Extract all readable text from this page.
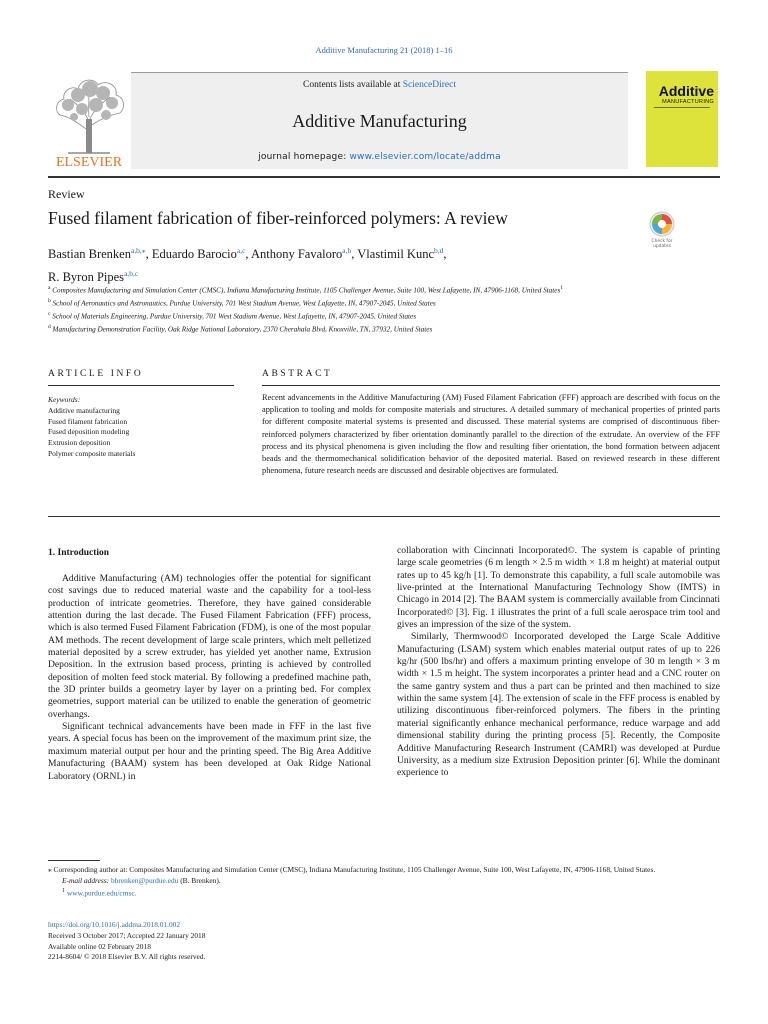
Additive Manufacturing 21 (2018) 1–16
ELSEVIER
Contents lists available at ScienceDirect
Additive Manufacturing
journal homepage: www.elsevier.com/locate/addma
Additive
MANUFACTURING
Review
Fused filament fabrication of fiber-reinforced polymers: A review
Check for
updates
Bastian Brenken$^{a,b,⁎}$, Eduardo Barocio$^{a,c}$, Anthony Favaloro$^{a,b}$, Vlastimil Kunc$^{b,d}$,
R. Byron Pipes$^{a,b,c}$
$^a$ Composites Manufacturing and Simulation Center (CMSC), Indiana Manufacturing Institute, 1105 Challenger Avenue, Suite 100, West Lafayette, IN, 47906-1168, United States$^1$
$^b$ School of Aeronautics and Astronautics, Purdue University, 701 West Stadium Avenue, West Lafayette, IN, 47907-2045, United States
$^c$ School of Materials Engineering, Purdue University, 701 West Stadium Avenue, West Lafayette, IN, 47907-2045, United States
$^d$ Manufacturing Demonstration Facility, Oak Ridge National Laboratory, 2370 Cherahala Blvd, Knoxville, TN, 37932, United States
ARTICLE INFO	ABSTRACT
Keywords:
Additive manufacturing
Fused filament fabrication
Fused deposition modeling
Extrusion deposition
Polymer composite materials

Recent advancements in the Additive Manufacturing (AM) Fused Filament Fabrication (FFF) approach are described with focus on the application to tooling and molds for composite materials and structures. A detailed summary of mechanical properties of printed parts for different composite material systems is presented and discussed. These material systems are comprised of discontinuous fiber-reinforced polymers characterized by fiber orientation dominantly parallel to the direction of the extrudate. An overview of the FFF process and its physical phenomena is given including the flow and resulting fiber orientation, the bond formation between adjacent beads and the thermomechanical solidification behavior of the deposited material. Based on reviewed research in these different phenomena, future research needs are discussed and desirable objectives are formulated.

1. Introduction

Additive Manufacturing (AM) technologies offer the potential for significant cost savings due to reduced material waste and the capability for a tool-less production of intricate geometries. Therefore, they have gained considerable attention during the last decade. The Fused Filament Fabrication (FFF) process, which is also termed Fused Filament Fabrication (FDM), is one of the most popular AM methods. The recent development of large scale printers, which melt pelletized material deposited by a screw extruder, has yielded yet another name, Extrusion Deposition. In the extrusion based process, printing is achieved by controlled deposition of molten feed stock material. By following a predefined machine path, the 3D printer builds a geometry layer by layer on a printing bed. For complex geometries, support material can be utilized to enable the generation of geometric overhangs.

Significant technical advancements have been made in FFF in the last five years. A special focus has been on the improvement of the maximum print size, the maximum material output per hour and the printing speed. The Big Area Additive Manufacturing (BAAM) system has been developed at Oak Ridge National Laboratory (ORNL) in

collaboration with Cincinnati Incorporated©. The system is capable of printing large scale geometries (6 m length × 2.5 m width × 1.8 m height) at material output rates up to 45 kg/h [1]. To demonstrate this capability, a full scale automobile was live-printed at the International Manufacturing Technology Show (IMTS) in Chicago in 2014 [2]. The BAAM system is commercially available from Cincinnati Incorporated© [3]. Fig. 1 illustrates the print of a full scale aerospace trim tool and gives an impression of the size of the system.

Similarly, Thermwood© Incorporated developed the Large Scale Additive Manufacturing (LSAM) system which enables material output rates of up to 226 kg/hr (500 lbs/hr) and offers a maximum printing envelope of 30 m length × 3 m width × 1.5 m height. The system incorporates a printer head and a CNC router on the same gantry system and thus a part can be printed and then machined to size within the same system [4]. The extension of scale in the FFF process is enabled by utilizing discontinuous fiber-reinforced polymers. The fibers in the printing material significantly enhance mechanical performance, reduce warpage and add dimensional stability during the printing process [5]. Recently, the Composite Additive Manufacturing Research Instrument (CAMRI) was developed at Purdue University, as a medium size Extrusion Deposition printer [6]. While the dominant experience to

⁎ Corresponding author at: Composites Manufacturing and Simulation Center (CMSC), Indiana Manufacturing Institute, 1105 Challenger Avenue, Suite 100, West Lafayette, IN, 47906-1168, United States.
E-mail address: bbrenken@purdue.edu (B. Brenken).
$^1$ www.purdue.edu/cmsc.
https://doi.org/10.1016/j.addma.2018.01.002
Received 3 October 2017; Accepted 22 January 2018
Available online 02 February 2018
2214-8604/ © 2018 Elsevier B.V. All rights reserved.
